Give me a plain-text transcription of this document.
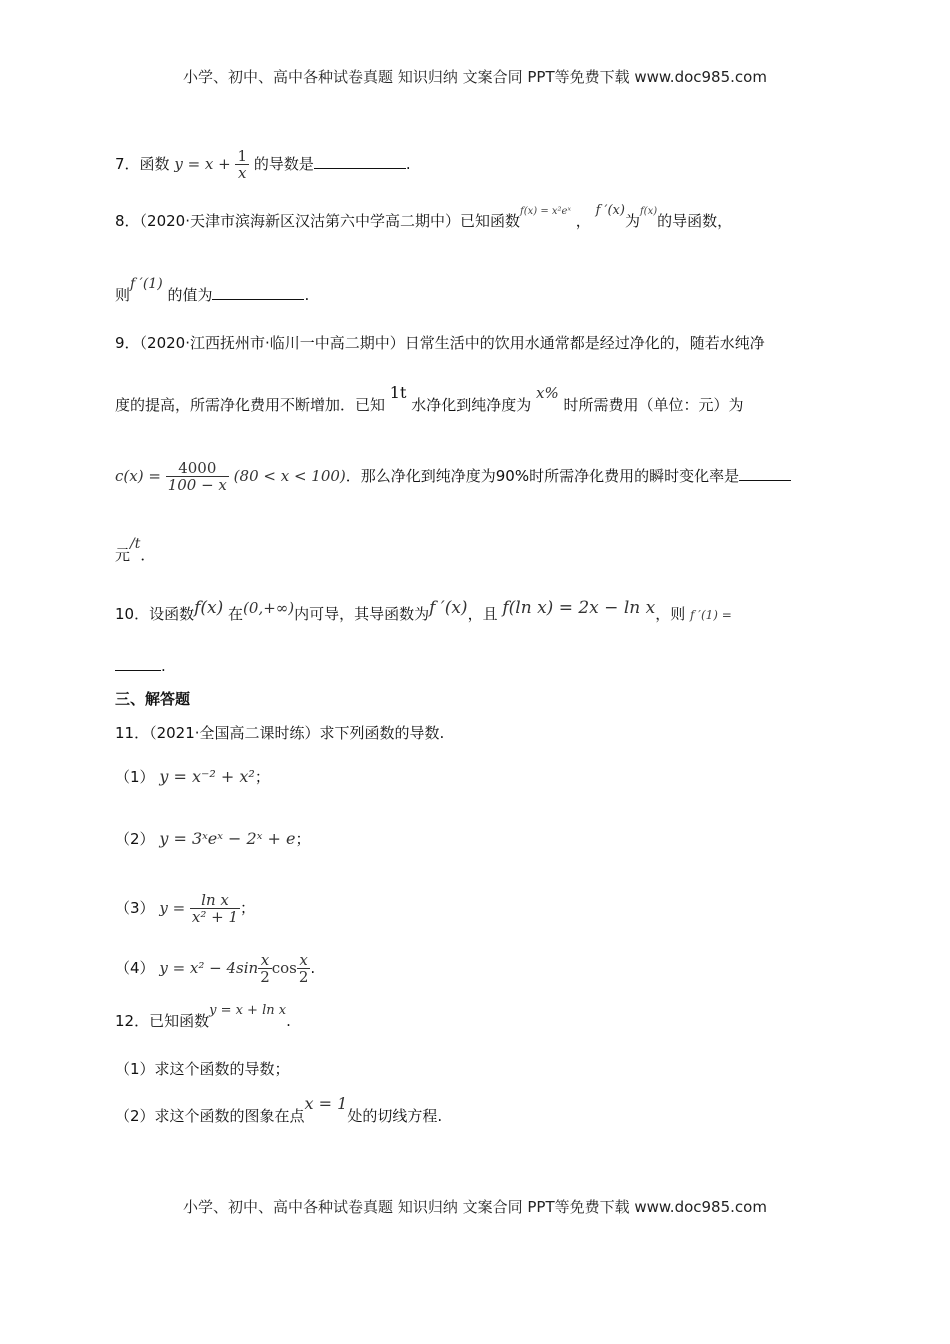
小学、初中、高中各种试卷真题 知识归纳 文案合同 PPT等免费下载 www.doc985.com
7．函数 $y = x + \frac{1}{x}$ 的导数是	.
8．（2020·天津市滨海新区汉沽第六中学高二期中）已知函数$^{f(x) = x^2eˣ}$ ， f ′(x)为$^{f(x)}$的导函数，
则f ′(1) 的值为	.
9．（2020·江西抚州市·临川一中高二期中）日常生活中的饮用水通常都是经过净化的，随若水纯净
度的提高，所需净化费用不断增加．已知 1t 水净化到纯净度为 x% 时所需费用（单位：元）为
$c(x) = \frac{4000}{100 - x} (80 < x < 100)$．那么净化到纯净度为90%时所需净化费用的瞬时变化率是
元/t．
10．设函数f(x) 在(0,+∞)内可导，其导函数为f ′(x)，且 f(ln x) = 2x − ln x，则 f ′(1) =
.
三、解答题
11．（2021·全国高二课时练）求下列函数的导数.
（1） y = x⁻² + x²；
（2） y = 3ˣeˣ − 2ˣ + e；
（3） $y = \frac{\text{ln x}}{\text{x² + 1}}$ ；
（4） $y = x^2 - 4\sin \frac{x}{2}$ $\cos \frac{x}{2}$ .
12．已知函数y = x + ln x.
（1）求这个函数的导数；
（2）求这个函数的图象在点x = 1处的切线方程.
小学、初中、高中各种试卷真题 知识归纳 文案合同 PPT等免费下载 www.doc985.com
